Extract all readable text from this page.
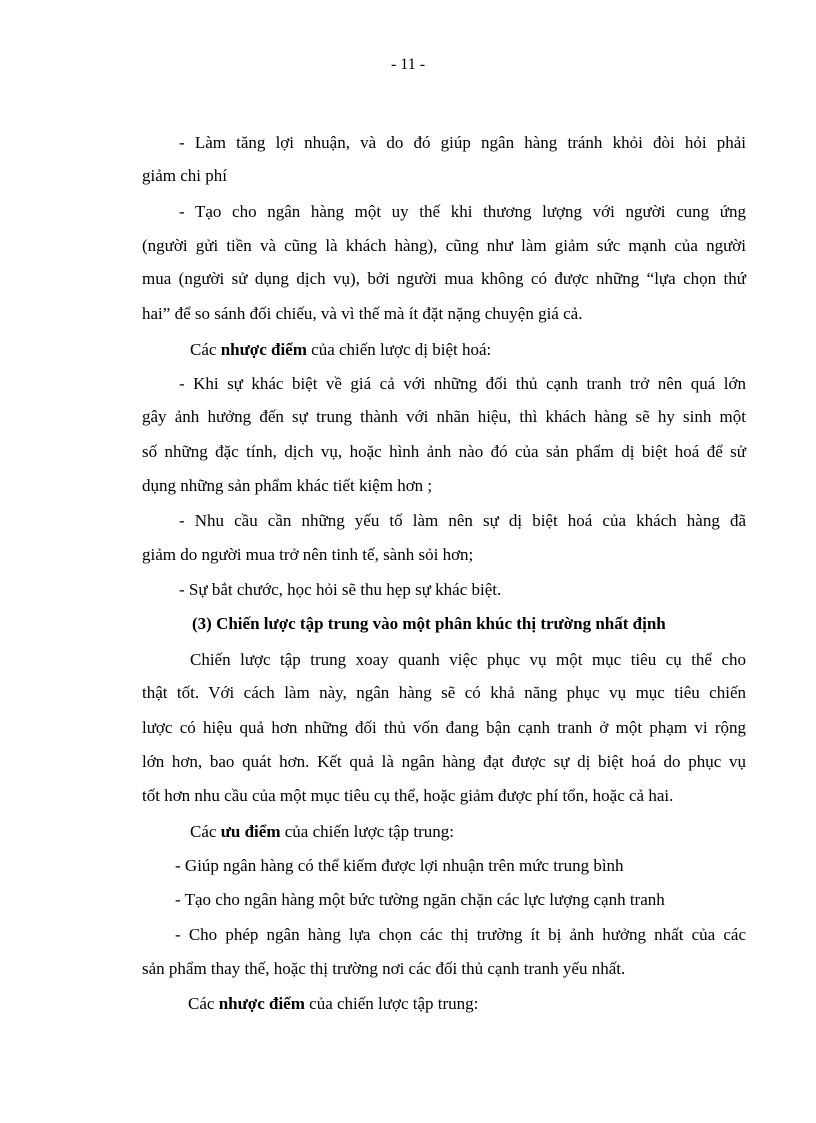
- 11 -
- Làm tăng lợi nhuận, và do đó giúp ngân hàng tránh khỏi đòi hỏi phải
giảm chi phí
- Tạo cho ngân hàng một uy thế khi thương lượng với người cung ứng
(người gửi tiền và cũng là khách hàng), cũng như làm giảm sức mạnh của người
mua (người sử dụng dịch vụ), bởi người mua không có được những “lựa chọn thứ
hai” để so sánh đối chiếu, và vì thế mà ít đặt nặng chuyện giá cả.
Các nhược điểm của chiến lược dị biệt hoá:
- Khi sự khác biệt về giá cả với những đối thủ cạnh tranh trở nên quá lớn
gây ảnh hưởng đến sự trung thành với nhãn hiệu, thì khách hàng sẽ hy sinh một
số những đặc tính, dịch vụ, hoặc hình ảnh nào đó của sản phẩm dị biệt hoá để sử
dụng những sản phẩm khác tiết kiệm hơn ;
- Nhu cầu cần những yếu tố làm nên sự dị biệt hoá của khách hàng đã
giảm do người mua trở nên tinh tế, sành sỏi hơn;
- Sự bắt chước, học hỏi sẽ thu hẹp sự khác biệt.
(3) Chiến lược tập trung vào một phân khúc thị trường nhất định
Chiến lược tập trung xoay quanh việc phục vụ một mục tiêu cụ thể cho
thật tốt. Với cách làm này, ngân hàng sẽ có khả năng phục vụ mục tiêu chiến
lược có hiệu quả hơn những đối thủ vốn đang bận cạnh tranh ở một phạm vi rộng
lớn hơn, bao quát hơn. Kết quả là ngân hàng đạt được sự dị biệt hoá do phục vụ
tốt hơn nhu cầu của một mục tiêu cụ thể, hoặc giảm được phí tổn, hoặc cả hai.
Các ưu điểm của chiến lược tập trung:
- Giúp ngân hàng có thể kiếm được lợi nhuận trên mức trung bình
- Tạo cho ngân hàng một bức tường ngăn chặn các lực lượng cạnh tranh
- Cho phép ngân hàng lựa chọn các thị trường ít bị ảnh hưởng nhất của các
sản phẩm thay thế, hoặc thị trường nơi các đối thủ cạnh tranh yếu nhất.
Các nhược điểm của chiến lược tập trung:
